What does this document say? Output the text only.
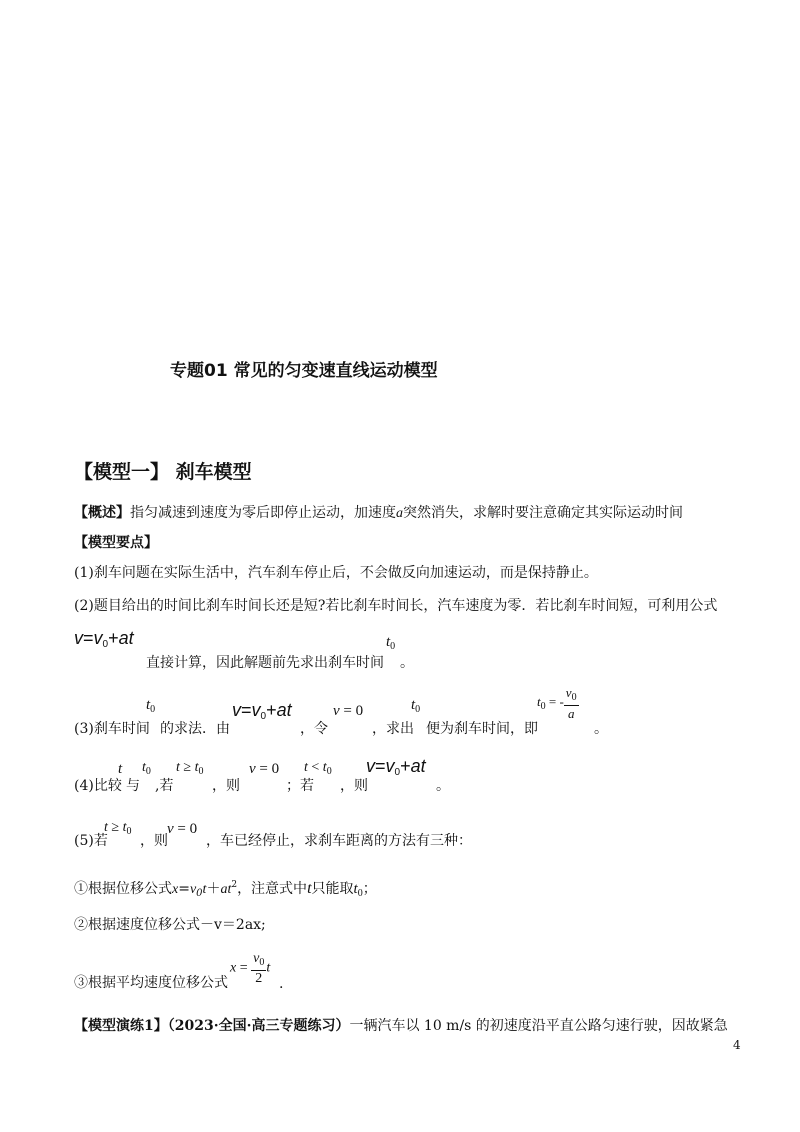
专题01 常见的匀变速直线运动模型
【模型一】 刹车模型
【概述】指匀减速到速度为零后即停止运动，加速度a突然消失，求解时要注意确定其实际运动时间
【模型要点】
(1)刹车问题在实际生活中，汽车刹车停止后，不会做反向加速运动，而是保持静止。
(2)题目给出的时间比刹车时间长还是短?若比刹车时间长，汽车速度为零．若比刹车时间短，可利用公式
$v=v_0+at$
直接计算，因此解题前先求出刹车时间
$t_0$
。
(3)刹车时间
$t_0$
的求法．由
$v=v_0+at$
，令
v = 0
，求出
$t_0$
便为刹车时间，即
$t_0$ = - $\frac{v_0}{a}$
。
(4)比较
t
与
$t_0$
,若
$t \ge t_0$
，则
v = 0
；若
$t < t_0$
，则
$v=v_0+at$
。
(5)若
$t \ge t_0$
，则
v = 0
，车已经停止，求刹车距离的方法有三种：
①根据位移公式$x=v_0t+at^2$，注意式中t只能取$t_0$；
②根据速度位移公式－v＝2ax;
③根据平均速度位移公式
$x = \frac{v_0}{2}$ t
.
【模型演练1】（2023·全国·高三专题练习）一辆汽车以 10 m/s 的初速度沿平直公路匀速行驶，因故紧急
4
